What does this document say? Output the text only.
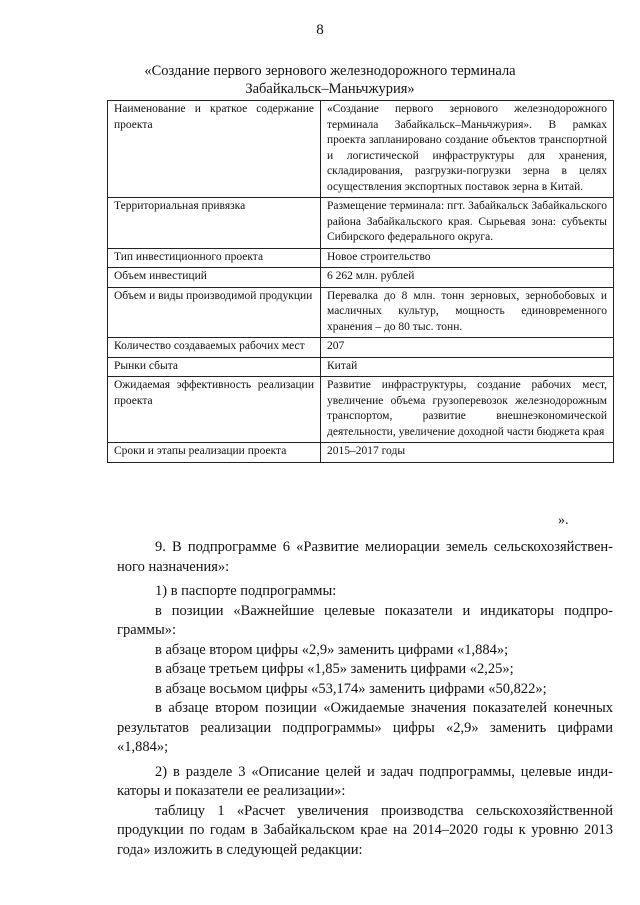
8
«Создание первого зернового железнодорожного терминала
Забайкальск–Маньчжурия»
Наименование и краткое содержание проекта	«Создание первого зернового железнодорожного терминала Забайкальск–Маньчжурия». В рамках проекта запланировано создание объектов транспортной и логистической инфраструктуры для хранения, складирования, разгрузки-погрузки зерна в целях осуществления экспортных поставок зерна в Китай.
Территориальная привязка	Размещение терминала: пгт. Забайкальск Забайкальского района Забайкальского края. Сырьевая зона: субъекты Сибирского федерального округа.
Тип инвестиционного проекта	Новое строительство
Объем инвестиций	6 262 млн. рублей
Объем и виды производимой продукции	Перевалка до 8 млн. тонн зерновых, зернобобовых и масличных культур, мощность единовременного хранения – до 80 тыс. тонн.
Количество создаваемых рабочих мест	207
Рынки сбыта	Китай
Ожидаемая эффективность реализации проекта	Развитие инфраструктуры, создание рабочих мест, увеличение объема грузоперевозок железнодорожным транспортом, развитие внешнеэкономической деятельности, увеличение доходной части бюджета края
Сроки и этапы реализации проекта	2015–2017 годы
».
9. В подпрограмме 6 «Развитие мелиорации земель сельскохозяйствен-
ного назначения»:
1) в паспорте подпрограммы:
в позиции «Важнейшие целевые показатели и индикаторы подпро-
граммы»:
в абзаце втором цифры «2,9» заменить цифрами «1,884»;
в абзаце третьем цифры «1,85» заменить цифрами «2,25»;
в абзаце восьмом цифры «53,174» заменить цифрами «50,822»;
в абзаце втором позиции «Ожидаемые значения показателей конечных
результатов реализации подпрограммы» цифры «2,9» заменить цифрами
«1,884»;
2) в разделе 3 «Описание целей и задач подпрограммы, целевые инди-
каторы и показатели ее реализации»:
таблицу 1 «Расчет увеличения производства сельскохозяйственной
продукции по годам в Забайкальском крае на 2014–2020 годы к уровню 2013
года» изложить в следующей редакции:
